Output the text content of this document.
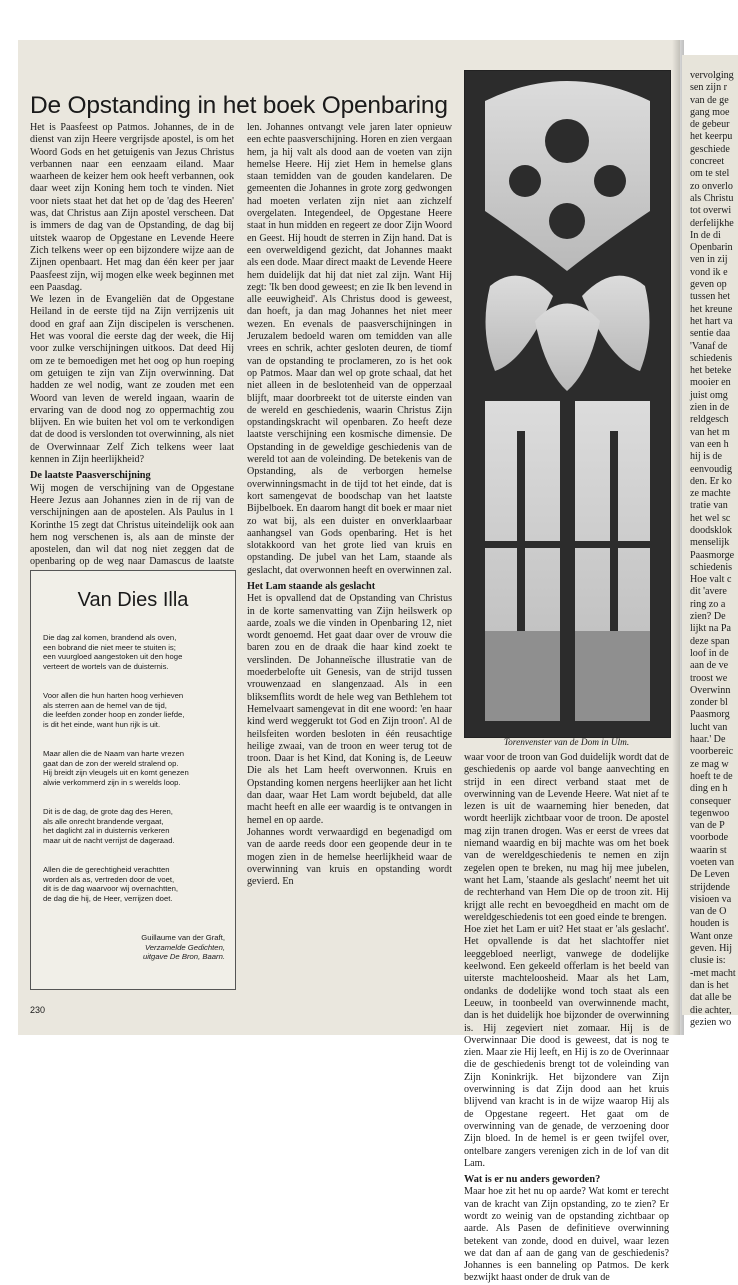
De Opstanding in het boek Openbaring

Het is Paasfeest op Patmos. Johannes, de in de dienst van zijn Heere vergrijsde apostel, is om het Woord Gods en het getuigenis van Jezus Christus verbannen naar een eenzaam eiland. Maar waarheen de keizer hem ook heeft verbannen, ook daar weet zijn Koning hem toch te vinden. Niet voor niets staat het dat het op de 'dag des Heeren' was, dat Christus aan Zijn apostel verscheen. Dat is immers de dag van de Opstanding, de dag bij uitstek waarop de Opgestane en Levende Heere Zich telkens weer op een bijzondere wijze aan de Zijnen openbaart. Het mag dan één keer per jaar Paasfeest zijn, wij mogen elke week beginnen met een Paasdag.

We lezen in de Evangeliën dat de Opgestane Heiland in de eerste tijd na Zijn verrijzenis uit dood en graf aan Zijn discipelen is verschenen. Het was vooral die eerste dag der week, die Hij voor zulke verschijningen uitkoos. Dat deed Hij om ze te bemoedigen met het oog op hun roeping om getuigen te zijn van Zijn overwinning. Dat hadden ze wel nodig, want ze zouden met een Woord van leven de wereld ingaan, waarin de ervaring van de dood nog zo oppermachtig zou blijven. En wie buiten het vol om te verkondigen dat de dood is verslonden tot overwinning, als niet de Overwinnaar Zelf Zich telkens weer laat kennen in Zijn heerlijkheid?

De laatste Paasverschijning

Wij mogen de verschijning van de Opgestane Heere Jezus aan Johannes zien in de rij van de verschijningen aan de apostelen. Als Paulus in 1 Korinthe 15 zegt dat Christus uiteindelijk ook aan hem nog verschenen is, als aan de minste der apostelen, dan wil dat nog niet zeggen dat de openbaring op de weg naar Damascus de laatste

Van Dies Illa
Die dag zal komen, brandend als oven,
een bobrand die niet meer te stuiten is;
een vuurgloed aangestoken uit den hoge
verteert de wortels van de duisternis.
Voor allen die hun harten hoog verhieven
als sterren aan de hemel van de tijd,
die leefden zonder hoop en zonder liefde,
is dit het einde, want hun rijk is uit.
Maar allen die de Naam van harte vrezen
gaat dan de zon der wereld stralend op.
Hij breidt zijn vleugels uit en komt genezen
alwie verkommerd zijn in s werelds loop.
Dit is de dag, de grote dag des Heren,
als alle onrecht brandende vergaat,
het daglicht zal in duisternis verkeren
maar uit de nacht verrijst de dageraad.
Allen die de gerechtigheid verachtten
worden als as, vertreden door de voet,
dit is de dag waarvoor wij overnachtten,
de dag die hij, de Heer, verrijzen doet.
Guillaume van der Graft,
Verzamelde Gedichten,
uitgave De Bron, Baarn.

len. Johannes ontvangt vele jaren later opnieuw een echte paasverschijning. Horen en zien vergaan hem, ja hij valt als dood aan de voeten van zijn hemelse Heere. Hij ziet Hem in hemelse glans staan temidden van de gouden kandelaren. De gemeenten die Johannes in grote zorg gedwongen had moeten verlaten zijn niet aan zichzelf overgelaten. Integendeel, de Opgestane Heere staat in hun midden en regeert ze door Zijn Woord en Geest. Hij houdt de sterren in Zijn hand. Dat is een overweldigend gezicht, dat Johannes maakt als een dode. Maar direct maakt de Levende Heere hem duidelijk dat hij dat niet zal zijn. Want Hij zegt: 'Ik ben dood geweest; en zie Ik ben levend in alle eeuwigheid'. Als Christus dood is geweest, dan hoeft, ja dan mag Johannes het niet meer wezen. En evenals de paasverschijningen in Jeruzalem bedoeld waren om temidden van alle vrees en schrik, achter gesloten deuren, de tiomf van de opstanding te proclameren, zo is het ook op Patmos. Maar dan wel op grote schaal, dat het niet alleen in de beslotenheid van de opperzaal blijft, maar doorbreekt tot de uiterste einden van de wereld en geschiedenis, waarin Christus Zijn opstandingskracht wil openbaren. Zo heeft deze laatste verschijning een kosmische dimensie. De Opstanding in de geweldige geschiedenis van de wereld tot aan de voleinding. De betekenis van de Opstanding, als de verborgen hemelse overwinningsmacht in de tijd tot het einde, dat is kort samengevat de boodschap van het laatste Bijbelboek. En daarom hangt dit boek er maar niet zo wat bij, als een duister en onverklaarbaar aanhangsel van Gods openbaring. Het is het slotakkoord van het grote lied van kruis en opstanding. De jubel van het Lam, staande als geslacht, dat overwonnen heeft en overwinnen zal.

Het Lam staande als geslacht

Het is opvallend dat de Opstanding van Christus in de korte samenvatting van Zijn heilswerk op aarde, zoals we die vinden in Openbaring 12, niet wordt genoemd. Het gaat daar over de vrouw die baren zou en de draak die haar kind zoekt te verslinden. De Johanneïsche illustratie van de moederbelofte uit Genesis, van de strijd tussen vrouwenzaad en slangenzaad. Als in een bliksemflits wordt de hele weg van Bethlehem tot Hemelvaart samengevat in dit ene woord: 'en haar kind werd weggerukt tot God en Zijn troon'. Al de heilsfeiten worden besloten in één reusachtige heilige zwaai, van de troon en weer terug tot de troon. Daar is het Kind, dat Koning is, de Leeuw Die als het Lam heeft overwonnen. Kruis en Opstanding komen nergens heerlijker aan het licht dan daar, waar Het Lam wordt bejubeld, dat alle macht heeft en alle eer waardig is te ontvangen in hemel en op aarde.

Johannes wordt verwaardigd en begenadigd om van de aarde reeds door een geopende deur in te mogen zien in de hemelse heerlijkheid waar de overwinning van kruis en opstanding wordt gevierd. En

Torenvenster van de Dom in Ulm.

waar voor de troon van God duidelijk wordt dat de geschiedenis op aarde vol bange aanvechting en strijd in een direct verband staat met de overwinning van de Levende Heere. Wat niet af te lezen is uit de waarneming hier beneden, dat wordt heerlijk zichtbaar voor de troon. De apostel mag zijn tranen drogen. Was er eerst de vrees dat niemand waardig en bij machte was om het boek van de wereldgeschiedenis te nemen en zijn zegelen open te breken, nu mag hij mee jubelen, want het Lam, 'staande als geslacht' neemt het uit de rechterhand van Hem Die op de troon zit. Hij krijgt alle recht en bevoegdheid en macht om de wereldgeschiedenis tot een goed einde te brengen.

Hoe ziet het Lam er uit? Het staat er 'als geslacht'. Het opvallende is dat het slachtoffer niet leeggebloed neerligt, vanwege de dodelijke keelwond. Een gekeeld offerlam is het beeld van uiterste machteloosheid. Maar als het Lam, ondanks de dodelijke wond toch staat als een Leeuw, in toonbeeld van overwinnende macht, dan is het duidelijk hoe bijzonder de overwinning is. Hij zegeviert niet zomaar. Hij is de Overwinnaar Die dood is geweest, dat is nog te zien. Maar zie Hij leeft, en Hij is zo de Overinnaar die de geschiedenis brengt tot de voleinding van Zijn Koninkrijk. Het bijzondere van Zijn overwinning is dat Zijn dood aan het kruis blijvend van kracht is in de wijze waarop Hij als de Opgestane regeert. Het gaat om de overwinning van de genade, de verzoening door Zijn bloed. In de hemel is er geen twijfel over, ontelbare zangers verenigen zich in de lof van dit Lam.

Wat is er nu anders geworden?

Maar hoe zit het nu op aarde? Wat komt er terecht van de kracht van Zijn opstanding, zo te zien? Er wordt zo weinig van de opstanding zichtbaar op aarde. Als Pasen de definitieve overwinning betekent van zonde, dood en duivel, waar lezen we dat dan af aan de gang van de geschiedenis? Johannes is een banneling op Patmos. De kerk bezwijkt haast onder de druk van de

vervolging
sen zijn r
van de ge
gang moe
de gebeur
het keerpu
geschiede
concreet
om te stel
zo onverlo
als Christu
tot overwi
derfelijkhe
In de di
Openbarin
ven in zij
vond ik e
geven op
tussen het
het kreune
het hart va
sentie daa
'Vanaf de
schiedenis
het beteke
mooier en
juist omg
zien in de
reldgesch
van het m
van een h
hij is de
eenvoudig
den. Er ko
ze machte
tratie van
het wel sc
doodsklok
menselijk
Paasmorge
schiedenis
Hoe valt c
dit 'avere
ring zo a
zien? De
lijkt na Pa
deze span
loof in de
aan de ve
troost we
Overwinn
zonder bl
Paasmorg
lucht van
haar.' De
voorbereic
ze mag w
hoeft te de
ding en h
consequer
tegenwoo
van de P
voorbode
waarin st
voeten van
De Leven
strijdende
visioen va
van de O
houden is
Want onze
geven. Hij
clusie is:
-met macht
dan is het
dat alle be
die achter,
gezien wo
230
